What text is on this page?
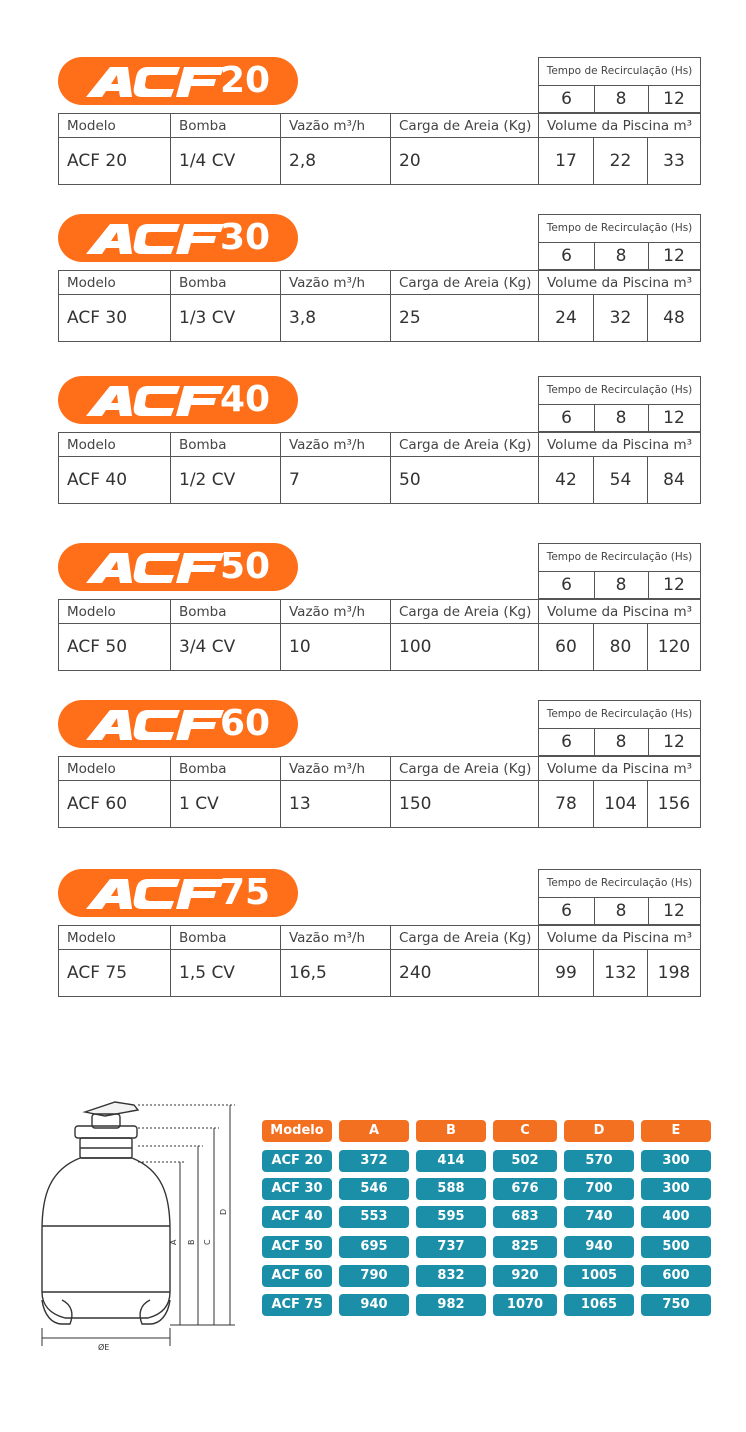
20	Tempo de Recirculação (Hs)
6	8	12
Modelo	Bomba	Vazão m³/h	Carga de Areia (Kg)	Volume da Piscina m³
ACF 20	1/4 CV	2,8	20	17	22	33
30	Tempo de Recirculação (Hs)
6	8	12
Modelo	Bomba	Vazão m³/h	Carga de Areia (Kg)	Volume da Piscina m³
ACF 30	1/3 CV	3,8	25	24	32	48
40	Tempo de Recirculação (Hs)
6	8	12
Modelo	Bomba	Vazão m³/h	Carga de Areia (Kg)	Volume da Piscina m³
ACF 40	1/2 CV	7	50	42	54	84
50	Tempo de Recirculação (Hs)
6	8	12
Modelo	Bomba	Vazão m³/h	Carga de Areia (Kg)	Volume da Piscina m³
ACF 50	3/4 CV	10	100	60	80	120
60	Tempo de Recirculação (Hs)
6	8	12
Modelo	Bomba	Vazão m³/h	Carga de Areia (Kg)	Volume da Piscina m³
ACF 60	1 CV	13	150	78	104	156
75	Tempo de Recirculação (Hs)
6	8	12
Modelo	Bomba	Vazão m³/h	Carga de Areia (Kg)	Volume da Piscina m³
ACF 75	1,5 CV	16,5	240	99	132	198
A B C
D
ØE
Modelo	A	B	C	D	E
ACF 20	372	414	502	570	300
ACF 30	546	588	676	700	300
ACF 40	553	595	683	740	400
ACF 50	695	737	825	940	500
ACF 60	790	832	920	1005	600
ACF 75	940	982	1070	1065	750
